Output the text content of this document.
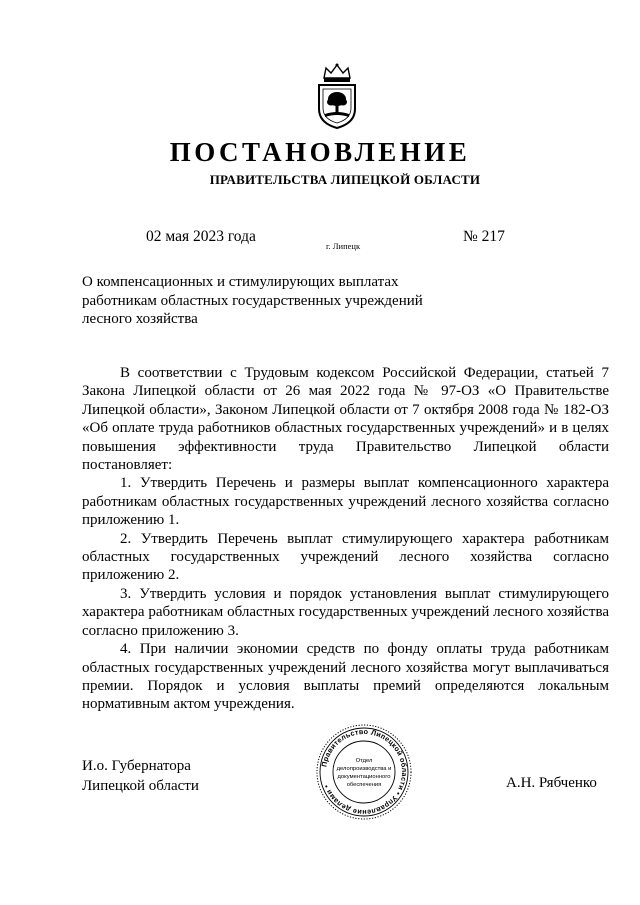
ПОСТАНОВЛЕНИЕ
ПРАВИТЕЛЬСТВА ЛИПЕЦКОЙ ОБЛАСТИ
02 мая 2023 года
г. Липецк
№ 217
О компенсационных и стимулирующих выплатах
работникам областных государственных учреждений
лесного хозяйства

В соответствии с Трудовым кодексом Российской Федерации, статьей 7 Закона Липецкой области от 26 мая 2022 года № 97-ОЗ «О Правительстве Липецкой области», Законом Липецкой области от 7 октября 2008 года № 182-ОЗ «Об оплате труда работников областных государственных учреждений» и в целях повышения эффективности труда Правительство Липецкой области постановляет:

1. Утвердить Перечень и размеры выплат компенсационного характера работникам областных государственных учреждений лесного хозяйства согласно приложению 1.

2. Утвердить Перечень выплат стимулирующего характера работникам областных государственных учреждений лесного хозяйства согласно приложению 2.

3. Утвердить условия и порядок установления выплат стимулирующего характера работникам областных государственных учреждений лесного хозяйства согласно приложению 3.

4. При наличии экономии средств по фонду оплаты труда работникам областных государственных учреждений лесного хозяйства могут выплачиваться премии. Порядок и условия выплаты премий определяются локальным нормативным актом учреждения.

И.о. Губернатора
Липецкой области	А.Н. Рябченко
Правительство Липецкой области • Управление делами •
Отдел
делопроизводства и
документационного
обеспечения
